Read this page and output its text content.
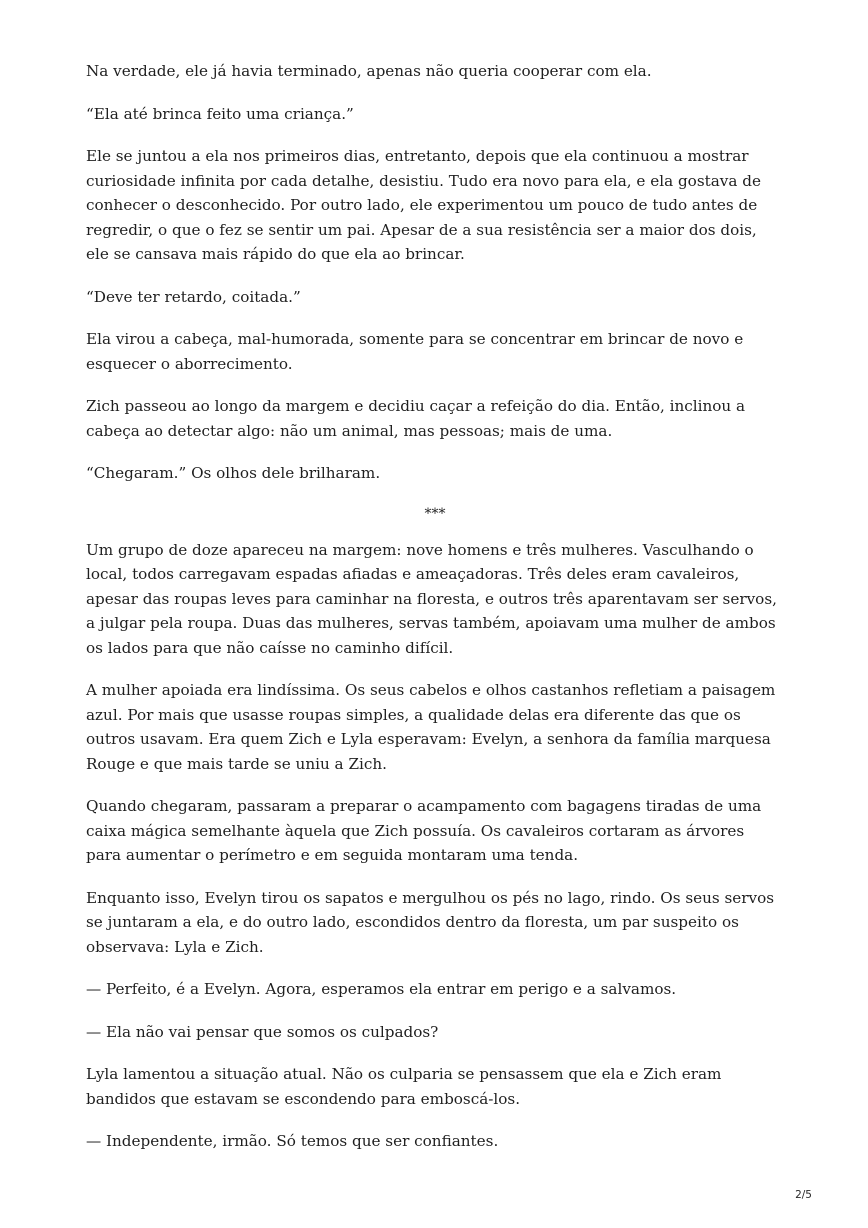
Na verdade, ele já havia terminado, apenas não queria cooperar com ela.

“Ela até brinca feito uma criança.”

Ele se juntou a ela nos primeiros dias, entretanto, depois que ela continuou a mostrar curiosidade infinita por cada detalhe, desistiu. Tudo era novo para ela, e ela gostava de conhecer o desconhecido. Por outro lado, ele experimentou um pouco de tudo antes de regredir, o que o fez se sentir um pai. Apesar de a sua resistência ser a maior dos dois, ele se cansava mais rápido do que ela ao brincar.

“Deve ter retardo, coitada.”

Ela virou a cabeça, mal-humorada, somente para se concentrar em brincar de novo e esquecer o aborrecimento.

Zich passeou ao longo da margem e decidiu caçar a refeição do dia. Então, inclinou a cabeça ao detectar algo: não um animal, mas pessoas; mais de uma.

“Chegaram.” Os olhos dele brilharam.

***

Um grupo de doze apareceu na margem: nove homens e três mulheres. Vasculhando o local, todos carregavam espadas afiadas e ameaçadoras. Três deles eram cavaleiros, apesar das roupas leves para caminhar na floresta, e outros três aparentavam ser servos, a julgar pela roupa. Duas das mulheres, servas também, apoiavam uma mulher de ambos os lados para que não caísse no caminho difícil.

A mulher apoiada era lindíssima. Os seus cabelos e olhos castanhos refletiam a paisagem azul. Por mais que usasse roupas simples, a qualidade delas era diferente das que os outros usavam. Era quem Zich e Lyla esperavam: Evelyn, a senhora da família marquesa Rouge e que mais tarde se uniu a Zich.

Quando chegaram, passaram a preparar o acampamento com bagagens tiradas de uma caixa mágica semelhante àquela que Zich possuía. Os cavaleiros cortaram as árvores para aumentar o perímetro e em seguida montaram uma tenda.

Enquanto isso, Evelyn tirou os sapatos e mergulhou os pés no lago, rindo. Os seus servos se juntaram a ela, e do outro lado, escondidos dentro da floresta, um par suspeito os observava: Lyla e Zich.

— Perfeito, é a Evelyn. Agora, esperamos ela entrar em perigo e a salvamos.

— Ela não vai pensar que somos os culpados?

Lyla lamentou a situação atual. Não os culparia se pensassem que ela e Zich eram bandidos que estavam se escondendo para emboscá-los.

— Independente, irmão. Só temos que ser confiantes.

2/5
